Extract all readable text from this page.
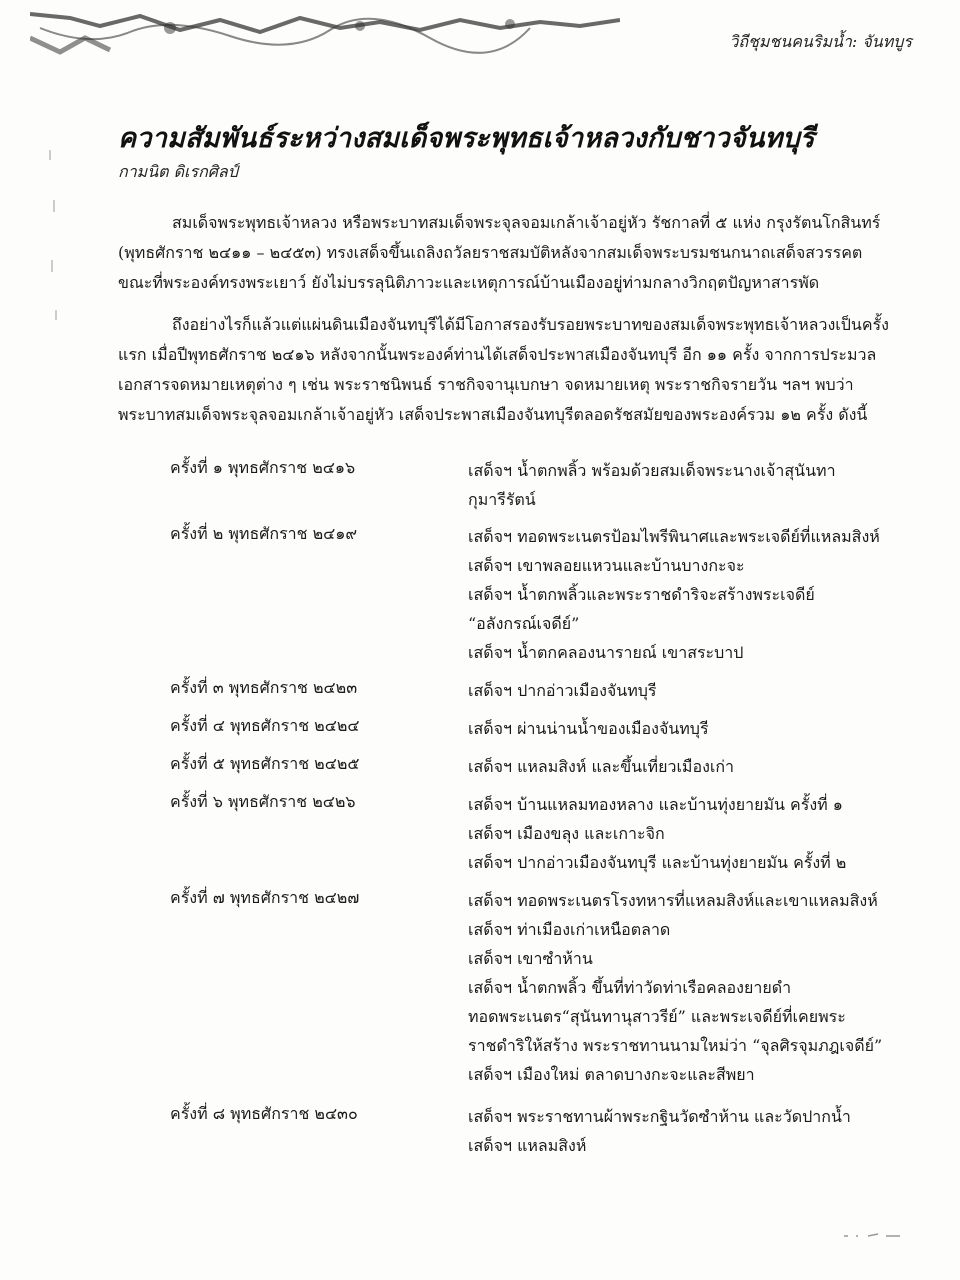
วิถีชุมชนคนริมน้ำ: จันทบูร
ความสัมพันธ์ระหว่างสมเด็จพระพุทธเจ้าหลวงกับชาวจันทบุรี
กามนิต ดิเรกศิลป์
สมเด็จพระพุทธเจ้าหลวง หรือพระบาทสมเด็จพระจุลจอมเกล้าเจ้าอยู่หัว รัชกาลที่ ๕ แห่ง กรุงรัตนโกสินทร์
(พุทธศักราช ๒๔๑๑ – ๒๔๕๓) ทรงเสด็จขึ้นเถลิงถวัลยราชสมบัติหลังจากสมเด็จพระบรมชนกนาถเสด็จสวรรคต
ขณะที่พระองค์ทรงพระเยาว์ ยังไม่บรรลุนิติภาวะและเหตุการณ์บ้านเมืองอยู่ท่ามกลางวิกฤตปัญหาสารพัด
ถึงอย่างไรก็แล้วแต่แผ่นดินเมืองจันทบุรีได้มีโอกาสรองรับรอยพระบาทของสมเด็จพระพุทธเจ้าหลวงเป็นครั้ง
แรก เมื่อปีพุทธศักราช ๒๔๑๖ หลังจากนั้นพระองค์ท่านได้เสด็จประพาสเมืองจันทบุรี อีก ๑๑ ครั้ง จากการประมวล
เอกสารจดหมายเหตุต่าง ๆ เช่น พระราชนิพนธ์ ราชกิจจานุเบกษา จดหมายเหตุ พระราชกิจรายวัน ฯลฯ พบว่า
พระบาทสมเด็จพระจุลจอมเกล้าเจ้าอยู่หัว เสด็จประพาสเมืองจันทบุรีตลอดรัชสมัยของพระองค์รวม ๑๒ ครั้ง ดังนี้
ครั้งที่ ๑ พุทธศักราช ๒๔๑๖	เสด็จฯ น้ำตกพลิ้ว พร้อมด้วยสมเด็จพระนางเจ้าสุนันทา
กุมารีรัตน์
ครั้งที่ ๒ พุทธศักราช ๒๔๑๙	เสด็จฯ ทอดพระเนตรป้อมไพรีพินาศและพระเจดีย์ที่แหลมสิงห์
เสด็จฯ เขาพลอยแหวนและบ้านบางกะจะ
เสด็จฯ น้ำตกพลิ้วและพระราชดำริจะสร้างพระเจดีย์
“อลังกรณ์เจดีย์”
เสด็จฯ น้ำตกคลองนารายณ์ เขาสระบาป
ครั้งที่ ๓ พุทธศักราช ๒๔๒๓	เสด็จฯ ปากอ่าวเมืองจันทบุรี
ครั้งที่ ๔ พุทธศักราช ๒๔๒๔	เสด็จฯ ผ่านน่านน้ำของเมืองจันทบุรี
ครั้งที่ ๕ พุทธศักราช ๒๔๒๕	เสด็จฯ แหลมสิงห์ และขึ้นเที่ยวเมืองเก่า
ครั้งที่ ๖ พุทธศักราช ๒๔๒๖	เสด็จฯ บ้านแหลมทองหลาง และบ้านทุ่งยายมัน ครั้งที่ ๑
เสด็จฯ เมืองขลุง และเกาะจิก
เสด็จฯ ปากอ่าวเมืองจันทบุรี และบ้านทุ่งยายมัน ครั้งที่ ๒
ครั้งที่ ๗ พุทธศักราช ๒๔๒๗	เสด็จฯ ทอดพระเนตรโรงทหารที่แหลมสิงห์และเขาแหลมสิงห์
เสด็จฯ ท่าเมืองเก่าเหนือตลาด
เสด็จฯ เขาซำห้าน
เสด็จฯ น้ำตกพลิ้ว ขึ้นที่ท่าวัดท่าเรือคลองยายดำ
ทอดพระเนตร“สุนันทานุสาวรีย์” และพระเจดีย์ที่เคยพระ
ราชดำริให้สร้าง พระราชทานนามใหม่ว่า “จุลศิรจุมภฎเจดีย์”
เสด็จฯ เมืองใหม่ ตลาดบางกะจะและสีพยา
ครั้งที่ ๘ พุทธศักราช ๒๔๓๐	เสด็จฯ พระราชทานผ้าพระกฐินวัดซำห้าน และวัดปากน้ำ
เสด็จฯ แหลมสิงห์
